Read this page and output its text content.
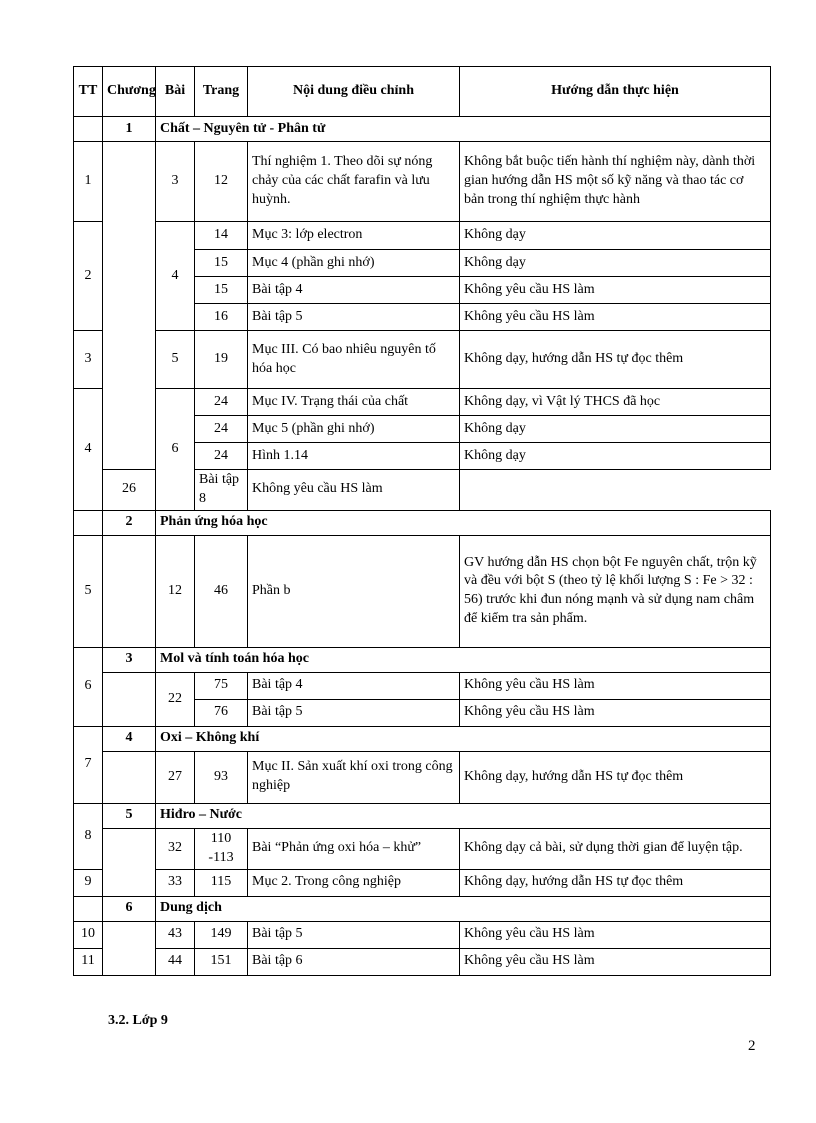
TT	Chương	Bài	Trang	Nội dung điều chỉnh	Hướng dẫn thực hiện
	1	Chất – Nguyên tử - Phân tử			
1		3	12	Thí nghiệm 1. Theo dõi sự nóng chảy của các chất farafin và lưu huỳnh.	Không bắt buộc tiến hành thí nghiệm này, dành thời gian hướng dẫn HS một số kỹ năng và thao tác cơ bản trong thí nghiệm thực hành
2		4	14	Mục 3: lớp electron	Không dạy
			15	Mục 4 (phần ghi nhớ)	Không dạy
			15	Bài tập 4	Không yêu cầu HS làm
			16	Bài tập 5	Không yêu cầu HS làm
3		5	19	Mục III. Có bao nhiêu nguyên tố hóa học	Không dạy, hướng dẫn HS tự đọc thêm
4		6	24	Mục IV. Trạng thái của chất	Không dạy, vì Vật lý THCS đã học
			24	Mục 5 (phần ghi nhớ)	Không dạy
			24	Hình 1.14	Không dạy
	26		Bài tập 8	Không yêu cầu HS làm	
	2	Phản ứng hóa học			
5		12	46	Phần b	GV hướng dẫn HS chọn bột Fe nguyên chất, trộn kỹ và đều với bột S (theo tỷ lệ khối lượng S : Fe > 32 : 56) trước khi đun nóng mạnh và sử dụng nam châm để kiểm tra sản phẩm.
6	3	Mol và tính toán hóa học			
		22	75	Bài tập 4	Không yêu cầu HS làm
			76	Bài tập 5	Không yêu cầu HS làm
7	4	Oxi – Không khí			
		27	93	Mục II. Sản xuất khí oxi trong công nghiệp	Không dạy, hướng dẫn HS tự đọc thêm
8	5	Hiđro – Nước			
		32	110 -113	Bài “Phản ứng oxi hóa – khử”	Không dạy cả bài, sử dụng thời gian để luyện tập.
9		33	115	Mục 2. Trong công nghiệp	Không dạy, hướng dẫn HS tự đọc thêm
	6	Dung dịch			
10		43	149	Bài tập 5	Không yêu cầu HS làm
11		44	151	Bài tập 6	Không yêu cầu HS làm
3.2. Lớp 9
2
